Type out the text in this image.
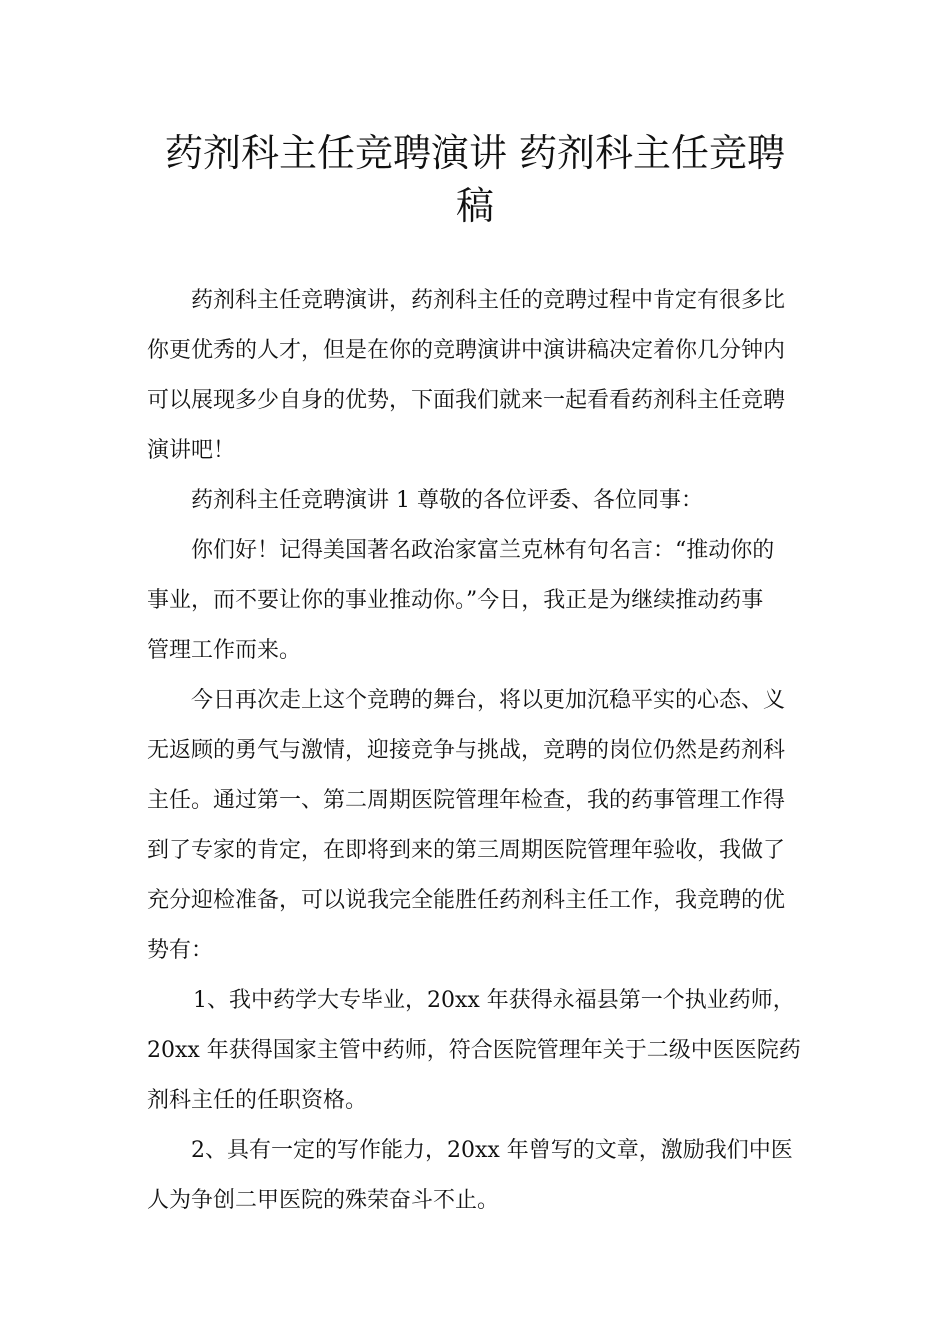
药剂科主任竞聘演讲 药剂科主任竞聘
稿
药剂科主任竞聘演讲，药剂科主任的竞聘过程中肯定有很多比
你更优秀的人才，但是在你的竞聘演讲中演讲稿决定着你几分钟内
可以展现多少自身的优势，下面我们就来一起看看药剂科主任竞聘
演讲吧！
药剂科主任竞聘演讲 1 尊敬的各位评委、各位同事：
你们好！记得美国著名政治家富兰克林有句名言：“推动你的
事业，而不要让你的事业推动你。”今日，我正是为继续推动药事
管理工作而来。
今日再次走上这个竞聘的舞台，将以更加沉稳平实的心态、义
无返顾的勇气与激情，迎接竞争与挑战，竞聘的岗位仍然是药剂科
主任。通过第一、第二周期医院管理年检查，我的药事管理工作得
到了专家的肯定，在即将到来的第三周期医院管理年验收，我做了
充分迎检准备，可以说我完全能胜任药剂科主任工作，我竞聘的优
势有：
1、我中药学大专毕业，20xx 年获得永福县第一个执业药师，
20xx 年获得国家主管中药师，符合医院管理年关于二级中医医院药
剂科主任的任职资格。
2、具有一定的写作能力，20xx 年曾写的文章，激励我们中医
人为争创二甲医院的殊荣奋斗不止。
